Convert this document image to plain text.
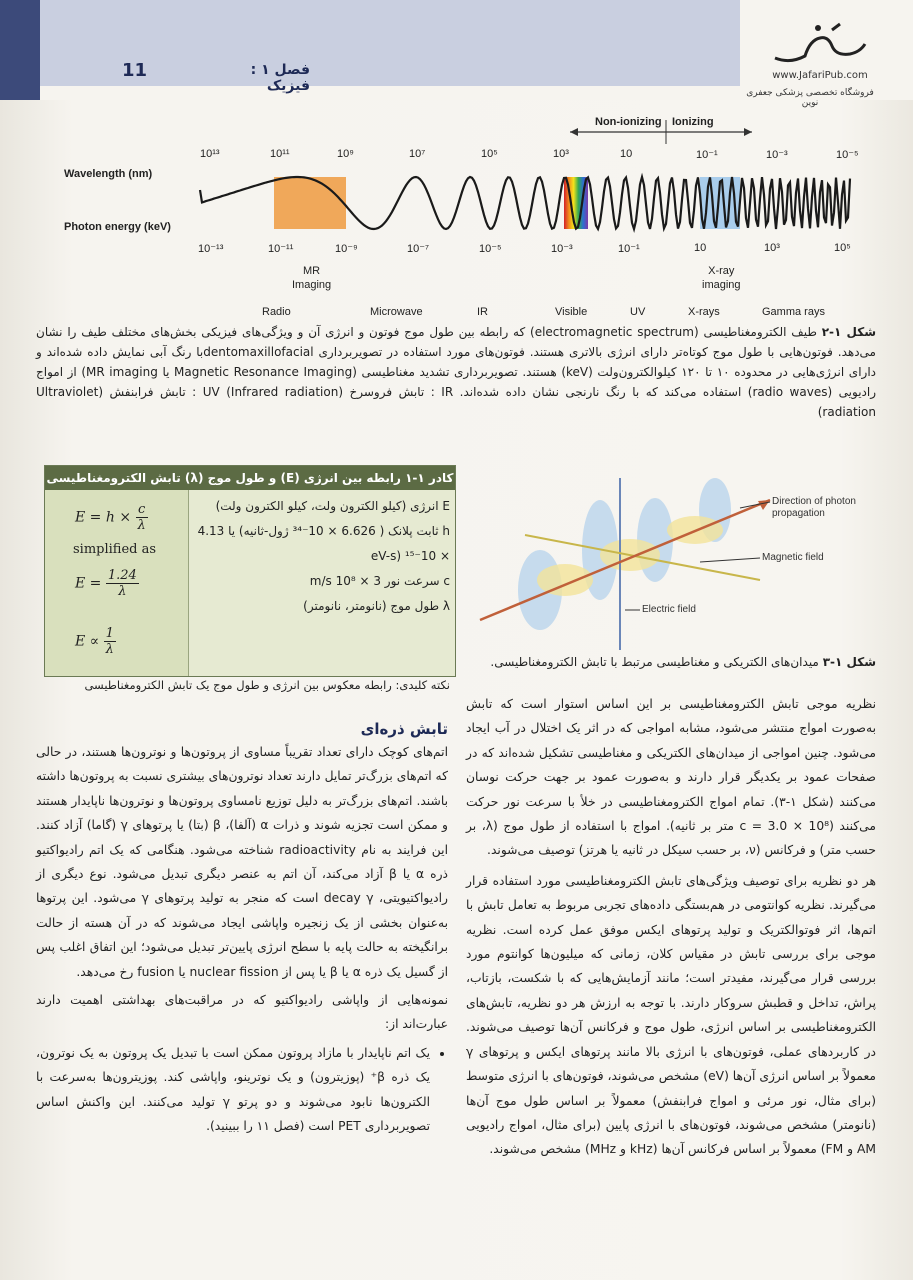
11	فصل ۱ : فیزیک
www.JafariPub.com
فروشگاه تخصصی پزشکی جعفری نوین
Non-ionizing
Wavelength (nm)
Photon energy (keV)
10¹³	10¹¹	10⁹	10⁷	10⁵	10³	10	10⁻¹	10⁻³	10⁻⁵
10⁻¹³	10⁻¹¹	10⁻⁹	10⁻⁷	10⁻⁵	10⁻³	10⁻¹	10	10³	10⁵
MR
Imaging
X-ray
imaging
Radio	Microwave	IR	Visible	UV	X-rays	Gamma rays
Ionizing
شکل ۱-۲ طیف الکترومغناطیسی (electromagnetic spectrum) که رابطه بین طول موج فوتون و انرژی آن و ویژگی‌های فیزیکی بخش‌های مختلف طیف را نشان می‌دهد. فوتون‌هایی با طول موج کوتاه‌تر دارای انرژی بالاتری هستند. فوتون‌های مورد استفاده در تصویربرداری dentomaxillofacialبا رنگ آبی نمایش داده شده‌اند و دارای انرژی‌هایی در محدوده ۱۰ تا ۱۲۰ کیلوالکترون‌ولت (keV) هستند. تصویربرداری تشدید مغناطیسی (Magnetic Resonance Imaging یا MR imaging) از امواج رادیویی (radio waves) استفاده می‌کند که با رنگ نارنجی نشان داده شده‌اند. IR : تابش فروسرخ (Infrared radiation) UV : تابش فرابنفش (Ultraviolet radiation)
کادر ۱-۱ رابطه بین انرژی (E) و طول موج (λ) تابش الکترومغناطیسی
$E = h \times \frac{c}{\lambda}$
simplified as
$E = \frac{1.24}{\lambda}$
$E \propto \frac{1}{\lambda}$
E انرژی (کیلو الکترون ولت، کیلو الکترون ولت)
h ثابت پلانک ( 6.626 × 10⁻³⁴ ژول-ثانیه) یا 4.13 × 10⁻¹⁵ (eV-s
c سرعت نور 3 × 10⁸ m/s
λ طول موج (نانومتر، نانومتر)
نکته کلیدی: رابطه معکوس بین انرژی و طول موج یک تابش الکترومغناطیسی
Direction of photon
propagation
Magnetic field
Electric field
شکل ۱-۳ میدان‌های الکتریکی و مغناطیسی مرتبط با تابش الکترومغناطیسی.

نظریه موجی تابش الکترومغناطیسی بر این اساس استوار است که تابش به‌صورت امواج منتشر می‌شود، مشابه امواجی که در اثر یک اختلال در آب ایجاد می‌شود. چنین امواجی از میدان‌های الکتریکی و مغناطیسی تشکیل شده‌اند که در صفحات عمود بر یکدیگر قرار دارند و به‌صورت عمود بر جهت حرکت نوسان می‌کنند (شکل ۱-۳). تمام امواج الکترومغناطیسی در خلأ با سرعت نور حرکت می‌کنند (c = 3.0 × 10⁸ متر بر ثانیه). امواج با استفاده از طول موج (λ، بر حسب متر) و فرکانس (ν، بر حسب سیکل در ثانیه یا هرتز) توصیف می‌شوند.

هر دو نظریه برای توصیف ویژگی‌های تابش الکترومغناطیسی مورد استفاده قرار می‌گیرند. نظریه کوانتومی در هم‌بستگی داده‌های تجربی مربوط به تعامل تابش با اتم‌ها، اثر فوتوالکتریک و تولید پرتوهای ایکس موفق عمل کرده است. نظریه موجی برای بررسی تابش در مقیاس کلان، زمانی که میلیون‌ها کوانتوم مورد بررسی قرار می‌گیرند، مفیدتر است؛ مانند آزمایش‌هایی که با شکست، بازتاب، پراش، تداخل و قطبش سروکار دارند. با توجه به ارزش هر دو نظریه، تابش‌های الکترومغناطیسی بر اساس انرژی، طول موج و فرکانس آن‌ها توصیف می‌شوند. در کاربردهای عملی، فوتون‌های با انرژی بالا مانند پرتوهای ایکس و پرتوهای γ معمولاً بر اساس انرژی آن‌ها (eV) مشخص می‌شوند، فوتون‌های با انرژی متوسط (برای مثال، نور مرئی و امواج فرابنفش) معمولاً بر اساس طول موج آن‌ها (نانومتر) مشخص می‌شوند، فوتون‌های با انرژی پایین (برای مثال، امواج رادیویی AM و FM) معمولاً بر اساس فرکانس آن‌ها (kHz و MHz) مشخص می‌شوند.

تابش ذره‌ای

اتم‌های کوچک دارای تعداد تقریباً مساوی از پروتون‌ها و نوترون‌ها هستند، در حالی که اتم‌های بزرگ‌تر تمایل دارند تعداد نوترون‌های بیشتری نسبت به پروتون‌ها داشته باشند. اتم‌های بزرگ‌تر به دلیل توزیع نامساوی پروتون‌ها و نوترون‌ها ناپایدار هستند و ممکن است تجزیه شوند و ذرات α (آلفا)، β (بتا) یا پرتوهای γ (گاما) آزاد کنند. این فرایند به نام radioactivity شناخته می‌شود. هنگامی که یک اتم رادیواکتیو ذره α یا β آزاد می‌کند، آن اتم به عنصر دیگری تبدیل می‌شود. نوع دیگری از رادیواکتیویتی، decay γ است که منجر به تولید پرتوهای γ می‌شود. این پرتوها به‌عنوان بخشی از یک زنجیره واپاشی ایجاد می‌شوند که در آن هسته از حالت برانگیخته به حالت پایه با سطح انرژی پایین‌تر تبدیل می‌شود؛ این اتفاق اغلب پس از گسیل یک ذره α یا β یا پس از nuclear fission یا fusion رخ می‌دهد.

نمونه‌هایی از واپاشی رادیواکتیو که در مراقبت‌های بهداشتی اهمیت دارند عبارت‌اند از:

• یک اتم ناپایدار با مازاد پروتون ممکن است با تبدیل یک پروتون به یک نوترون، یک ذره β⁺ (پوزیترون) و یک نوترینو، واپاشی کند. پوزیترون‌ها به‌سرعت با الکترون‌ها نابود می‌شوند و دو پرتو γ تولید می‌کنند. این واکنش اساس تصویربرداری PET است (فصل ۱۱ را ببینید).
